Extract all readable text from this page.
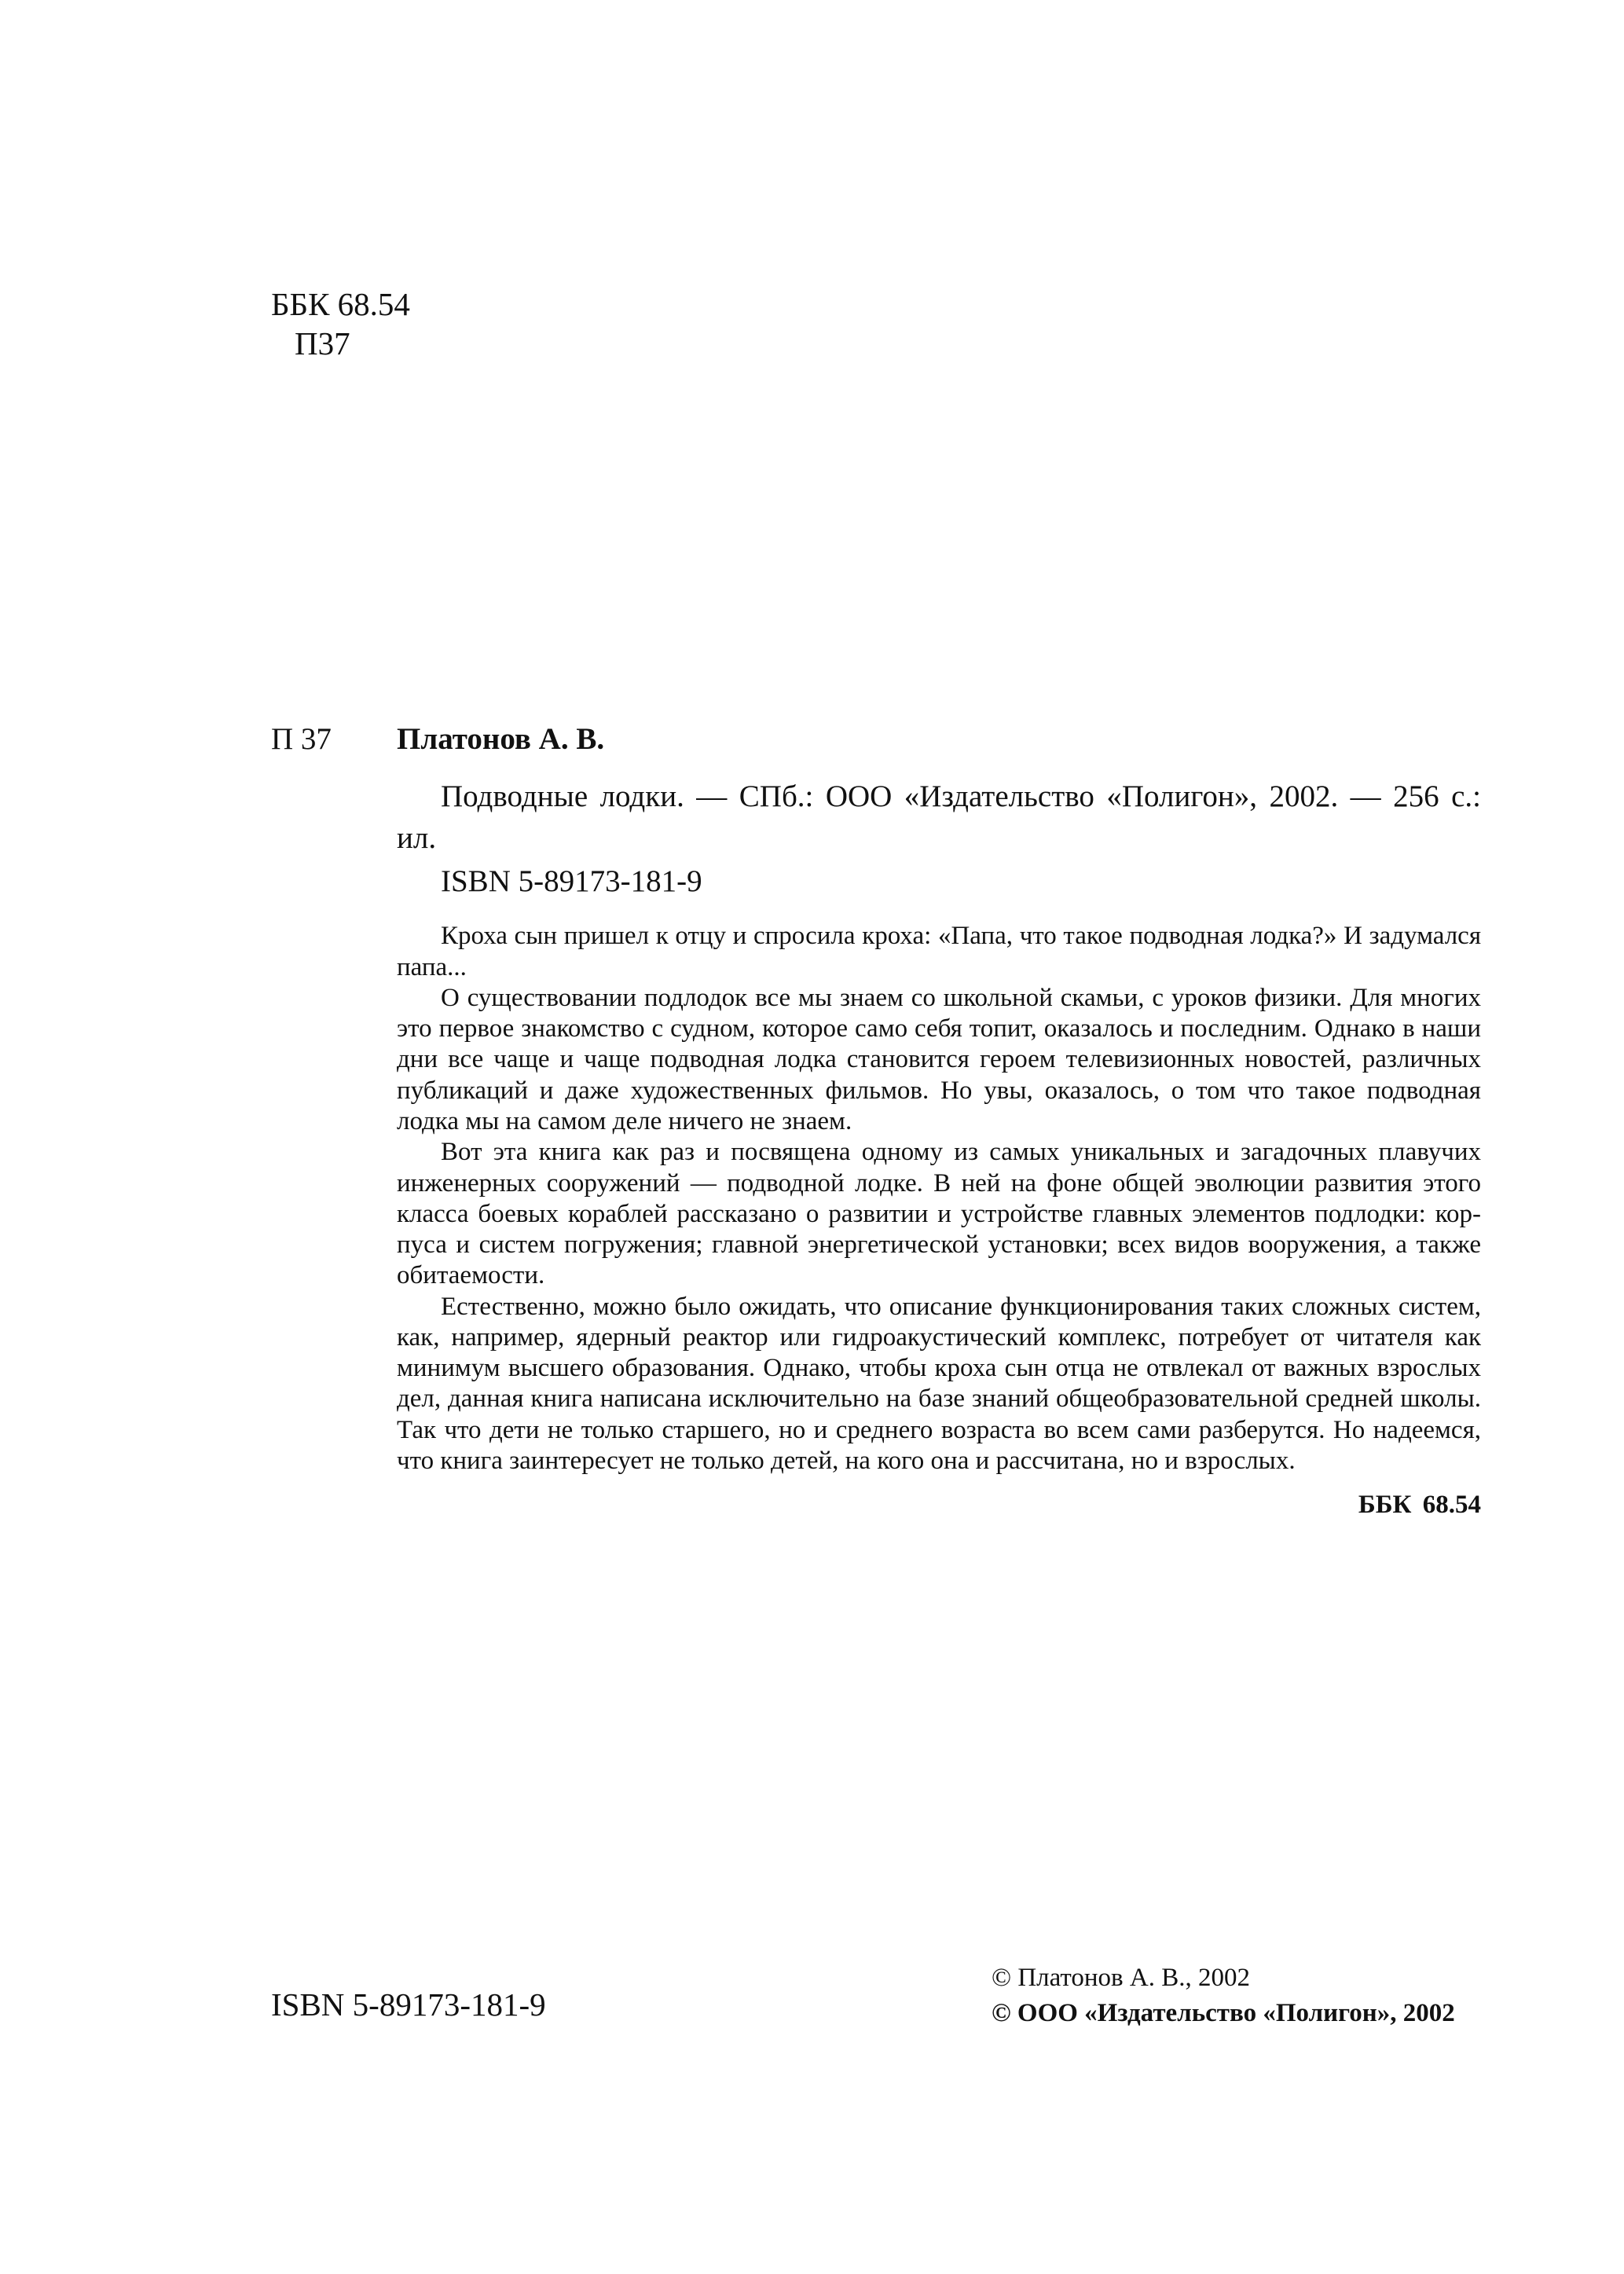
ББК 68.54
П37
П 37	Платонов А. В.

Подводные лодки. — СПб.: ООО «Издательство «Полигон», 2002. — 256 с.: ил.

ISBN 5-89173-181-9

Кроха сын пришел к отцу и спросила кроха: «Папа, что такое подводная лодка?» И задумался папа...

О существовании подлодок все мы знаем со школьной скамьи, с уроков физики. Для многих это первое знакомство с судном, которое само себя топит, оказалось и последним. Однако в наши дни все чаще и чаще подводная лодка становится героем телевизионных новостей, различных публикаций и даже художественных фильмов. Но увы, оказалось, о том что такое подводная лодка мы на самом деле ничего не знаем.

Вот эта книга как раз и посвящена одному из самых уникальных и загадочных плавучих инженерных сооружений — подводной лодке. В ней на фоне общей эволюции развития этого класса боевых кораблей рассказано о развитии и устройстве главных элементов подлодки: корпуса и систем погружения; главной энергетической установки; всех видов вооружения, а также обитаемости.

Естественно, можно было ожидать, что описание функционирования таких сложных систем, как, например, ядерный реактор или гидроакустический комплекс, потребует от читателя как минимум высшего образования. Однако, чтобы кроха сын отца не отвлекал от важных взрослых дел, данная книга написана исключительно на базе знаний общеобразовательной средней школы. Так что дети не только старшего, но и среднего возраста во всем сами разберутся. Но надеемся, что книга заинтересует не только детей, на кого она и рассчитана, но и взрослых.

ББК 68.54
ISBN 5-89173-181-9
© Платонов А. В., 2002
© ООО «Издательство «Полигон», 2002
